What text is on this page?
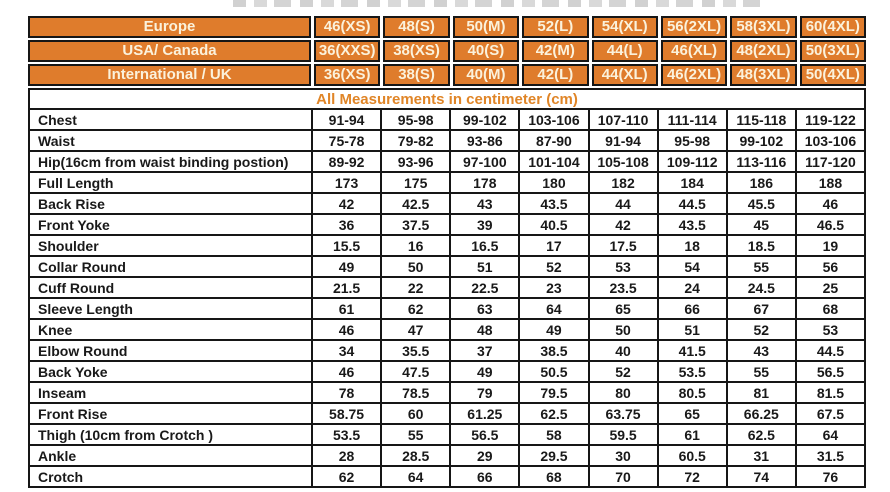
Europe	46(XS)	48(S)	50(M)	52(L)	54(XL)	56(2XL)	58(3XL)	60(4XL)
USA/ Canada	36(XXS)	38(XS)	40(S)	42(M)	44(L)	46(XL)	48(2XL)	50(3XL)
International / UK	36(XS)	38(S)	40(M)	42(L)	44(XL)	46(2XL)	48(3XL)	50(4XL)
All Measurements in centimeter (cm)								
Chest	91-94	95-98	99-102	103-106	107-110	111-114	115-118	119-122
Waist	75-78	79-82	93-86	87-90	91-94	95-98	99-102	103-106
Hip(16cm from waist binding postion)	89-92	93-96	97-100	101-104	105-108	109-112	113-116	117-120
Full Length	173	175	178	180	182	184	186	188
Back Rise	42	42.5	43	43.5	44	44.5	45.5	46
Front Yoke	36	37.5	39	40.5	42	43.5	45	46.5
Shoulder	15.5	16	16.5	17	17.5	18	18.5	19
Collar Round	49	50	51	52	53	54	55	56
Cuff Round	21.5	22	22.5	23	23.5	24	24.5	25
Sleeve Length	61	62	63	64	65	66	67	68
Knee	46	47	48	49	50	51	52	53
Elbow Round	34	35.5	37	38.5	40	41.5	43	44.5
Back Yoke	46	47.5	49	50.5	52	53.5	55	56.5
Inseam	78	78.5	79	79.5	80	80.5	81	81.5
Front Rise	58.75	60	61.25	62.5	63.75	65	66.25	67.5
Thigh (10cm from Crotch )	53.5	55	56.5	58	59.5	61	62.5	64
Ankle	28	28.5	29	29.5	30	60.5	31	31.5
Crotch	62	64	66	68	70	72	74	76
